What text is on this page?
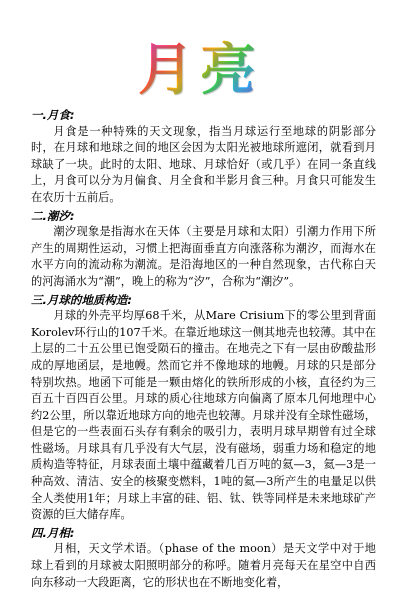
月亮
一.月食:

月食是一种特殊的天文现象，指当月球运行至地球的阴影部分时，在月球和地球之间的地区会因为太阳光被地球所遮闭，就看到月球缺了一块。此时的太阳、地球、月球恰好（或几乎）在同一条直线上，月食可以分为月偏食、月全食和半影月食三种。月食只可能发生在农历十五前后。

二.潮汐:

潮汐现象是指海水在天体（主要是月球和太阳）引潮力作用下所产生的周期性运动，习惯上把海面垂直方向涨落称为潮汐，而海水在水平方向的流动称为潮流。是沿海地区的一种自然现象，古代称白天的河海涌水为“潮”，晚上的称为“汐”，合称为“潮汐”。

三.月球的地质构造:

月球的外壳平均厚68千米，从Mare Crisium下的零公里到背面Korolev环行山的107千米。在靠近地球这一侧其地壳也较薄。其中在上层的二十五公里已饱受陨石的撞击。在地壳之下有一层由矽酸盐形成的厚地函层，是地幔。然而它并不像地球的地幔。月球的只是部分特别坎热。地函下可能是一颗由熔化的铁所形成的小核，直径约为三百五十百四百公里。月球的质心往地球方向偏离了原本几何地理中心约2公里，所以靠近地球方向的地壳也较薄。月球并没有全球性磁场，但是它的一些表面石头存有剩余的吸引力，表明月球早期曾有过全球性磁场。月球具有几乎没有大气层，没有磁场，弱重力场和稳定的地质构造等特征，月球表面土壤中蕴藏着几百万吨的氦—3，氦—3是一种高效、清洁、安全的核聚变燃料，1吨的氦—3所产生的电量足以供全人类使用1年；月球上丰富的硅、铝、钛、铁等同样是未来地球矿产资源的巨大储存库。

四.月相:

月相，天文学术语。（phase of the moon）是天文学中对于地球上看到的月球被太阳照明部分的称呼。随着月亮每天在星空中自西向东移动一大段距离，它的形状也在不断地变化着，
